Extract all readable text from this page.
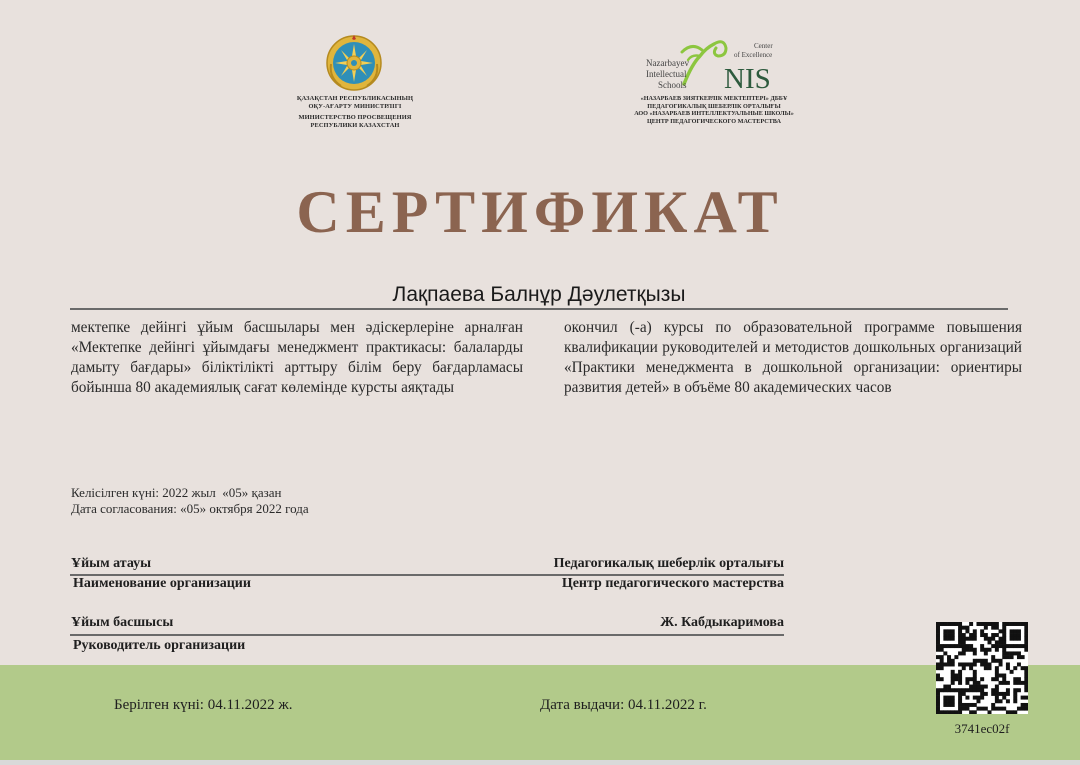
ҚАЗАҚСТАН РЕСПУБЛИКАСЫНЫҢ
ОҚУ-АҒАРТУ МИНИСТРЛІГІ
МИНИСТЕРСТВО ПРОСВЕЩЕНИЯ
РЕСПУБЛИКИ КАЗАХСТАН
Nazarbayev
Intellectual
Schools
Center
of Excellence
NIS
«НАЗАРБАЕВ ЗИЯТКЕРЛІК МЕКТЕПТЕРІ» ДББҰ
ПЕДАГОГИКАЛЫҚ ШЕБЕРЛІК ОРТАЛЫҒЫ
АОО «НАЗАРБАЕВ ИНТЕЛЛЕКТУАЛЬНЫЕ ШКОЛЫ»
ЦЕНТР ПЕДАГОГИЧЕСКОГО МАСТЕРСТВА
СЕРТИФИКАТ
Лақпаева Балнұр Дәулетқызы
мектепке дейінгі ұйым басшылары мен әдіскерлеріне арналған «Мектепке дейінгі ұйымдағы менеджмент практикасы: балаларды дамыту бағдары» біліктілікті арттыру білім беру бағдарламасы бойынша 80 академиялық сағат көлемінде курсты аяқтады
окончил (-а) курсы по образовательной программе повышения квалификации руководителей и методистов дошкольных организаций «Практики менеджмента в дошкольной организации: ориентиры развития детей» в объёме 80 академических часов
Келісілген күні: 2022 жыл  «05» қазан
Дата согласования: «05» октября 2022 года
Ұйым атауы	Педагогикалық шеберлік орталығы
Наименование организации	Центр педагогического мастерства
Ұйым басшысы	Ж. Кабдыкаримова
Руководитель организации
Берілген күні: 04.11.2022 ж.	Дата выдачи: 04.11.2022 г.
3741ec02f
